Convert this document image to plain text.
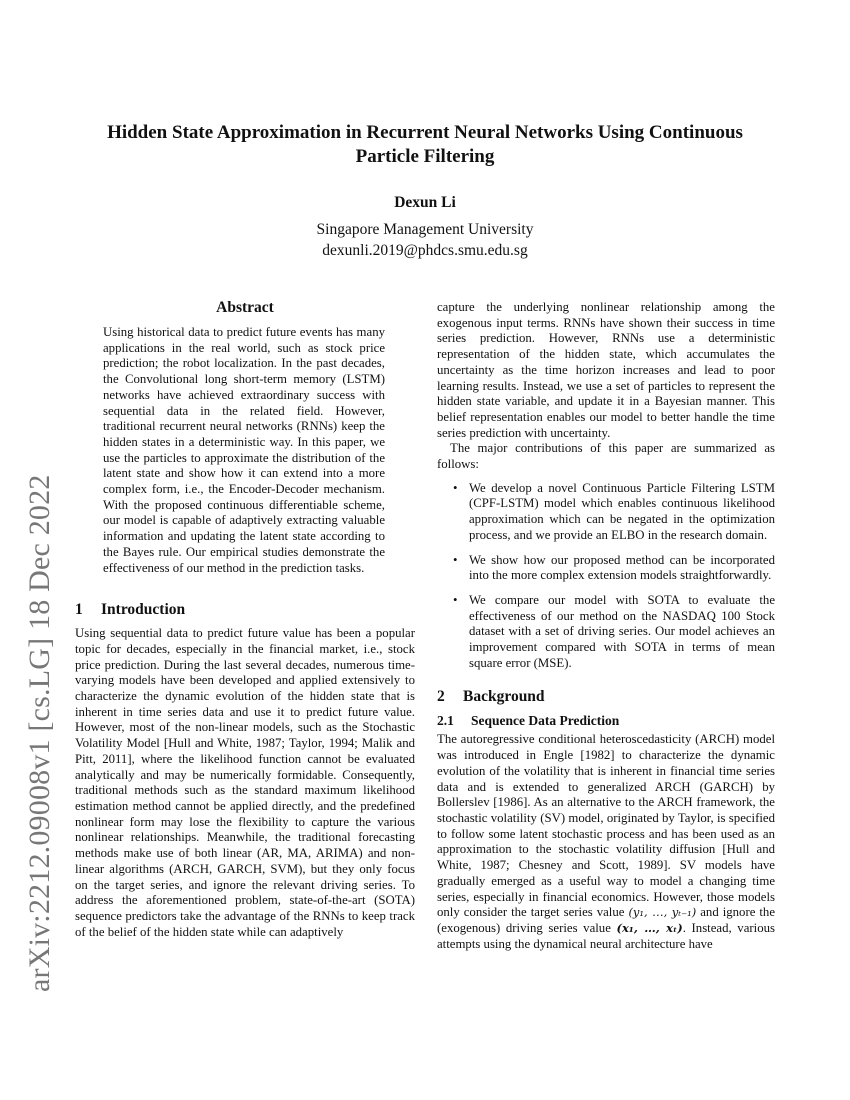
arXiv:2212.09008v1 [cs.LG] 18 Dec 2022
Hidden State Approximation in Recurrent Neural Networks Using Continuous
Particle Filtering
Dexun Li
Singapore Management University
dexunli.2019@phdcs.smu.edu.sg
Abstract

Using historical data to predict future events has many applications in the real world, such as stock price prediction; the robot localization. In the past decades, the Convolutional long short-term memory (LSTM) networks have achieved extraordinary success with sequential data in the related field. However, traditional recurrent neural networks (RNNs) keep the hidden states in a deterministic way. In this paper, we use the particles to approximate the distribution of the latent state and show how it can extend into a more complex form, i.e., the Encoder-Decoder mechanism. With the proposed continuous differentiable scheme, our model is capable of adaptively extracting valuable information and updating the latent state according to the Bayes rule. Our empirical studies demonstrate the effectiveness of our method in the prediction tasks.

1 Introduction

Using sequential data to predict future value has been a popular topic for decades, especially in the financial market, i.e., stock price prediction. During the last several decades, numerous time-varying models have been developed and applied extensively to characterize the dynamic evolution of the hidden state that is inherent in time series data and use it to predict future value. However, most of the non-linear models, such as the Stochastic Volatility Model [Hull and White, 1987; Taylor, 1994; Malik and Pitt, 2011], where the likelihood function cannot be evaluated analytically and may be numerically formidable. Consequently, traditional methods such as the standard maximum likelihood estimation method cannot be applied directly, and the predefined nonlinear form may lose the flexibility to capture the various nonlinear relationships. Meanwhile, the traditional forecasting methods make use of both linear (AR, MA, ARIMA) and non-linear algorithms (ARCH, GARCH, SVM), but they only focus on the target series, and ignore the relevant driving series. To address the aforementioned problem, state-of-the-art (SOTA) sequence predictors take the advantage of the RNNs to keep track of the belief of the hidden state while can adaptively

capture the underlying nonlinear relationship among the exogenous input terms. RNNs have shown their success in time series prediction. However, RNNs use a deterministic representation of the hidden state, which accumulates the uncertainty as the time horizon increases and lead to poor learning results. Instead, we use a set of particles to represent the hidden state variable, and update it in a Bayesian manner. This belief representation enables our model to better handle the time series prediction with uncertainty.

The major contributions of this paper are summarized as follows:

• We develop a novel Continuous Particle Filtering LSTM (CPF-LSTM) model which enables continuous likelihood approximation which can be negated in the optimization process, and we provide an ELBO in the research domain.
• We show how our proposed method can be incorporated into the more complex extension models straightforwardly.
• We compare our model with SOTA to evaluate the effectiveness of our method on the NASDAQ 100 Stock dataset with a set of driving series. Our model achieves an improvement compared with SOTA in terms of mean square error (MSE).
2 Background
2.1 Sequence Data Prediction

The autoregressive conditional heteroscedasticity (ARCH) model was introduced in Engle [1982] to characterize the dynamic evolution of the volatility that is inherent in financial time series data and is extended to generalized ARCH (GARCH) by Bollerslev [1986]. As an alternative to the ARCH framework, the stochastic volatility (SV) model, originated by Taylor, is specified to follow some latent stochastic process and has been used as an approximation to the stochastic volatility diffusion [Hull and White, 1987; Chesney and Scott, 1989]. SV models have gradually emerged as a useful way to model a changing time series, especially in financial economics. However, those models only consider the target series value (y₁, …, yₜ₋₁) and ignore the (exogenous) driving series value (x₁, …, xₜ). Instead, various attempts using the dynamical neural architecture have
